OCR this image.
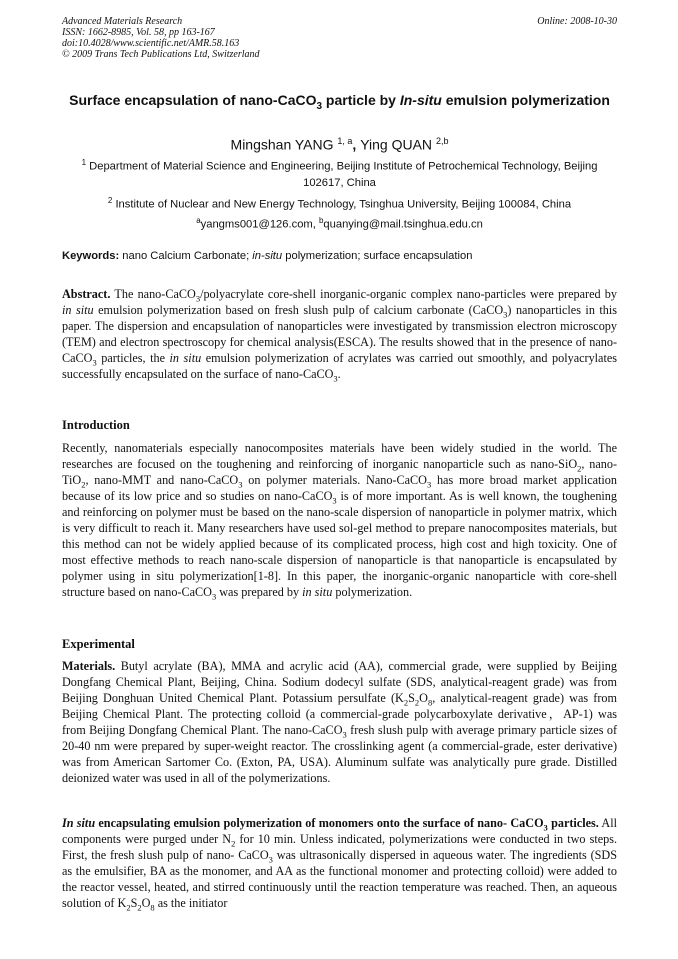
Advanced Materials Research
ISSN: 1662-8985, Vol. 58, pp 163-167
doi:10.4028/www.scientific.net/AMR.58.163
© 2009 Trans Tech Publications Ltd, Switzerland
Online: 2008-10-30
Surface encapsulation of nano-CaCO$_3$ particle by In-situ emulsion polymerization
Mingshan YANG $^{1, a}$, Ying QUAN $^{2,b}$
$^1$ Department of Material Science and Engineering, Beijing Institute of Petrochemical Technology, Beijing 102617, China
$^2$ Institute of Nuclear and New Energy Technology, Tsinghua University, Beijing 100084, China
$^a$yangms001@126.com, $^b$quanying@mail.tsinghua.edu.cn
Keywords: nano Calcium Carbonate; in-situ polymerization; surface encapsulation
Abstract. The nano-CaCO$_3$/polyacrylate core-shell inorganic-organic complex nano-particles were prepared by in situ emulsion polymerization based on fresh slush pulp of calcium carbonate (CaCO$_3$) nanoparticles in this paper. The dispersion and encapsulation of nanoparticles were investigated by transmission electron microscopy (TEM) and electron spectroscopy for chemical analysis(ESCA). The results showed that in the presence of nano-CaCO$_3$ particles, the in situ emulsion polymerization of acrylates was carried out smoothly, and polyacrylates successfully encapsulated on the surface of nano-CaCO$_3$.
Introduction
Recently, nanomaterials especially nanocomposites materials have been widely studied in the world. The researches are focused on the toughening and reinforcing of inorganic nanoparticle such as nano-SiO$_2$, nano-TiO$_2$, nano-MMT and nano-CaCO$_3$ on polymer materials. Nano-CaCO$_3$ has more broad market application because of its low price and so studies on nano-CaCO$_3$ is of more important. As is well known, the toughening and reinforcing on polymer must be based on the nano-scale dispersion of nanoparticle in polymer matrix, which is very difficult to reach it. Many researchers have used sol-gel method to prepare nanocomposites materials, but this method can not be widely applied because of its complicated process, high cost and high toxicity. One of most effective methods to reach nano-scale dispersion of nanoparticle is that nanoparticle is encapsulated by polymer using in situ polymerization[1-8]. In this paper, the inorganic-organic nanoparticle with core-shell structure based on nano-CaCO$_3$ was prepared by in situ polymerization.
Experimental
Materials. Butyl acrylate (BA), MMA and acrylic acid (AA), commercial grade, were supplied by Beijing Dongfang Chemical Plant, Beijing, China. Sodium dodecyl sulfate (SDS, analytical-reagent grade) was from Beijing Donghuan United Chemical Plant. Potassium persulfate ($K_2S_2O_8$, analytical-reagent grade) was from Beijing Chemical Plant. The protecting colloid (a commercial-grade polycarboxylate derivative，AP-1) was from Beijing Dongfang Chemical Plant. The nano-CaCO$_3$ fresh slush pulp with average primary particle sizes of 20-40 nm were prepared by super-weight reactor. The crosslinking agent (a commercial-grade, ester derivative) was from American Sartomer Co. (Exton, PA, USA). Aluminum sulfate was analytically pure grade. Distilled deionized water was used in all of the polymerizations.
In situ encapsulating emulsion polymerization of monomers onto the surface of nano- CaCO$_3$ particles. All components were purged under $N_2$ for 10 min. Unless indicated, polymerizations were conducted in two steps. First, the fresh slush pulp of nano- CaCO$_3$ was ultrasonically dispersed in aqueous water. The ingredients (SDS as the emulsifier, BA as the monomer, and AA as the functional monomer and protecting colloid) were added to the reactor vessel, heated, and stirred continuously until the reaction temperature was reached. Then, an aqueous solution of $K_2S_2O_8$ as the initiator
